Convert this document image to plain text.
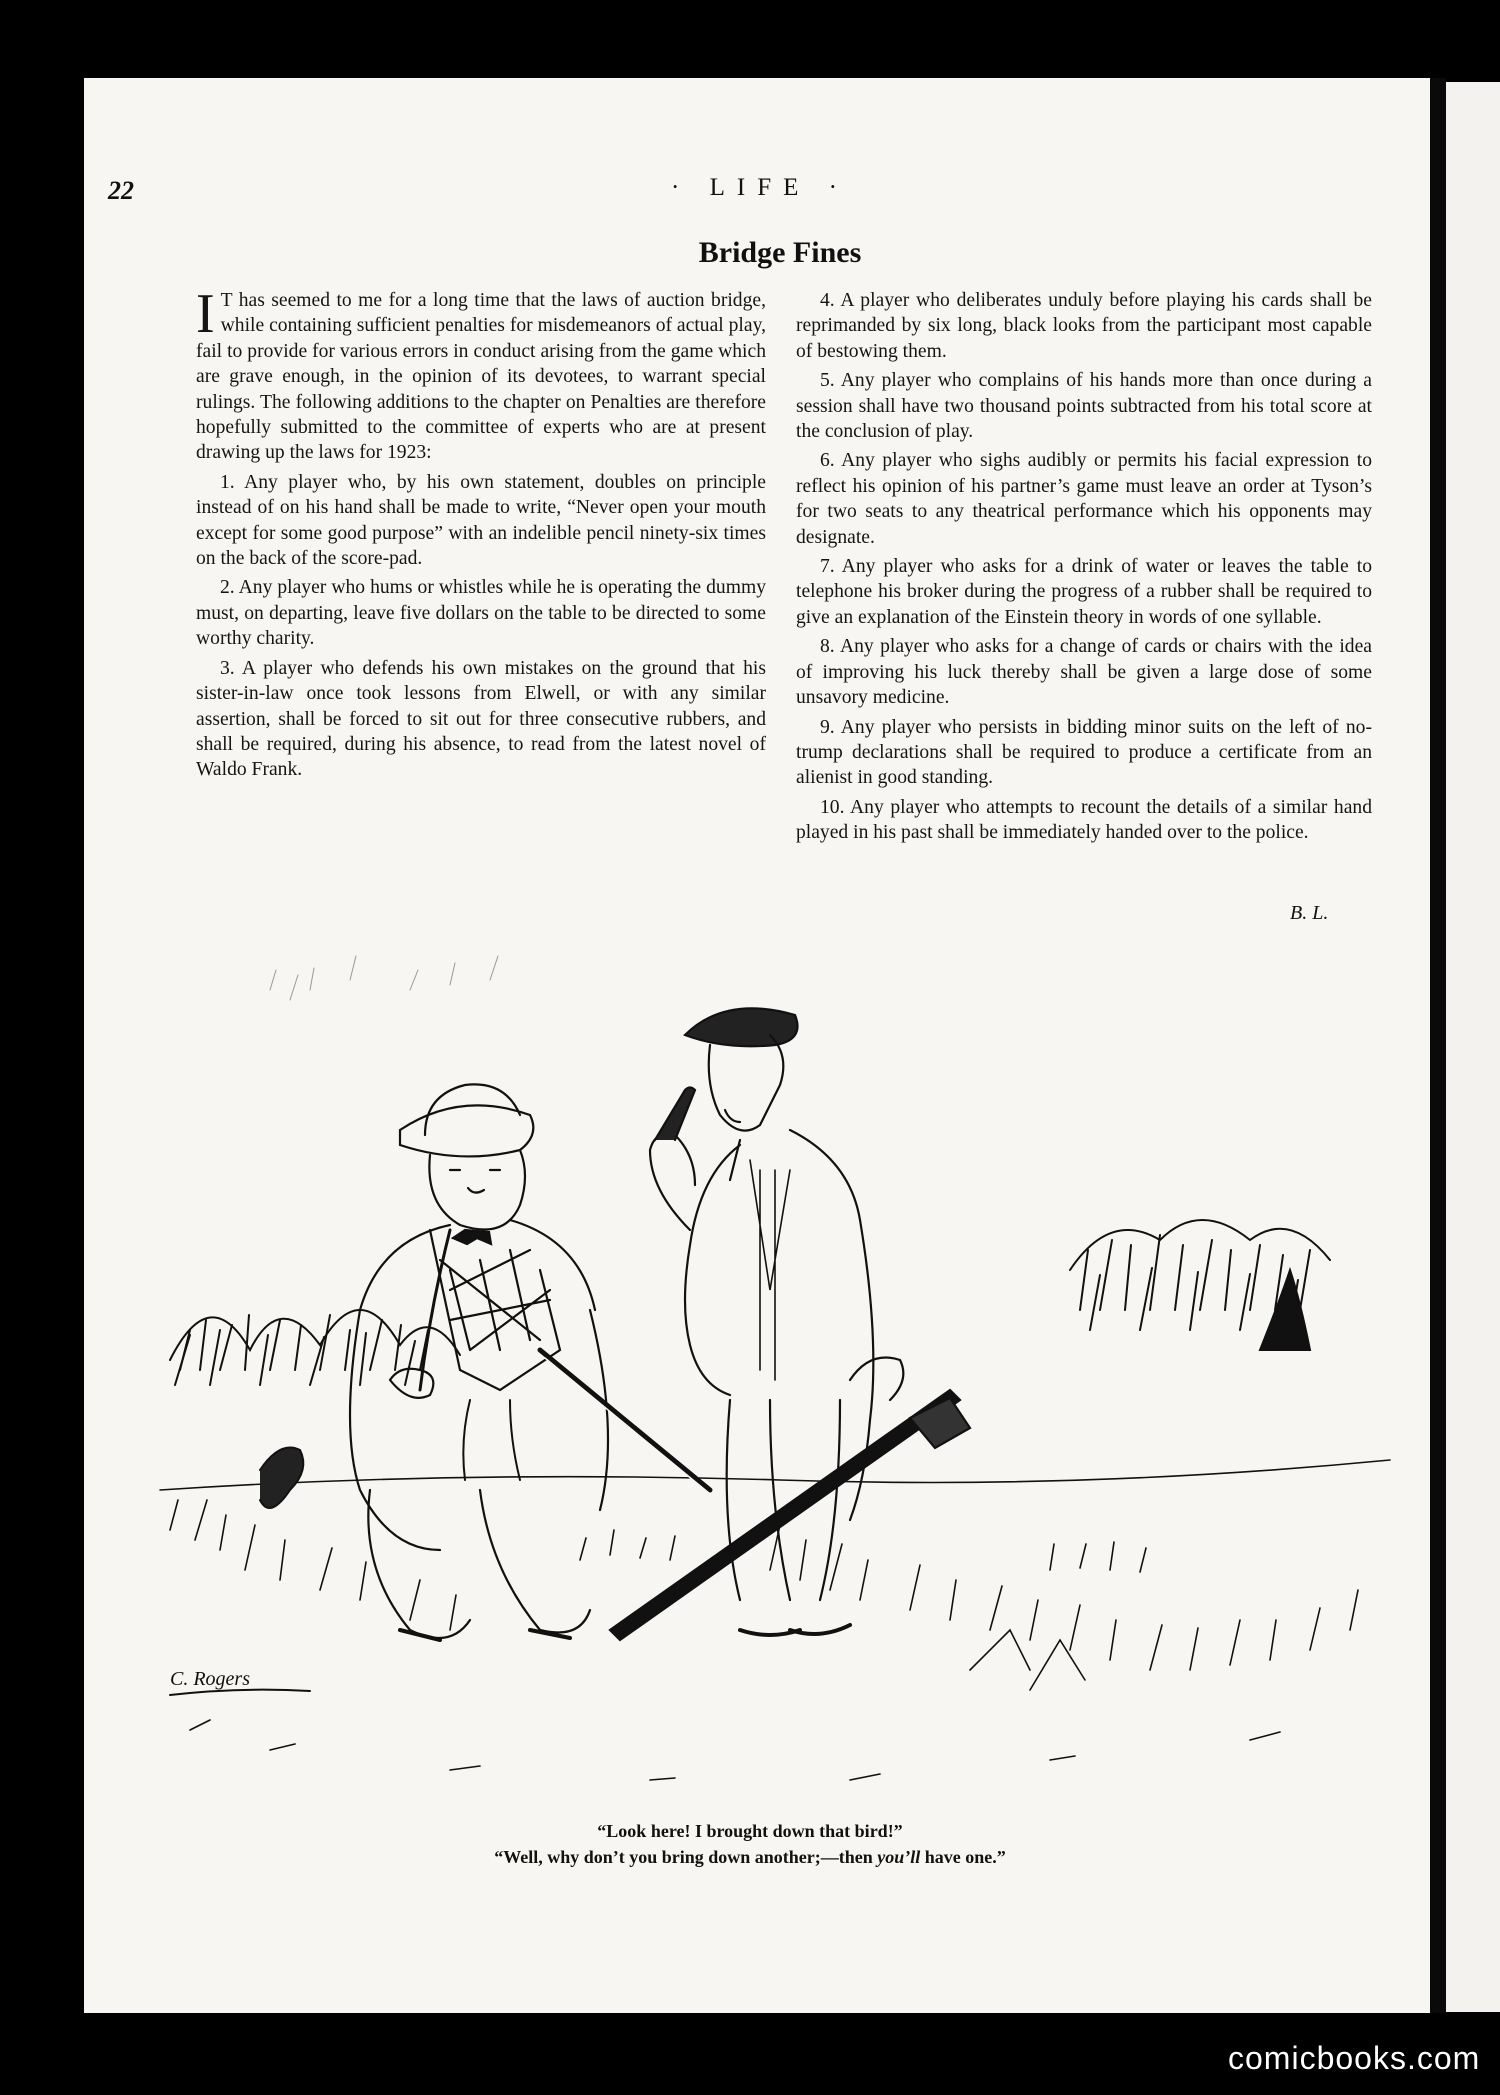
22	· LIFE ·
Bridge Fines

I T has seemed to me for a long time that the laws of auction bridge, while containing sufficient penalties for misdemeanors of actual play, fail to provide for various errors in conduct arising from the game which are grave enough, in the opinion of its devotees, to warrant special rulings. The following additions to the chapter on Penalties are therefore hopefully submitted to the committee of experts who are at present drawing up the laws for 1923:

1. Any player who, by his own statement, doubles on principle instead of on his hand shall be made to write, “Never open your mouth except for some good purpose” with an indelible pencil ninety-six times on the back of the score-pad.

2. Any player who hums or whistles while he is operating the dummy must, on departing, leave five dollars on the table to be directed to some worthy charity.

3. A player who defends his own mistakes on the ground that his sister-in-law once took lessons from Elwell, or with any similar assertion, shall be forced to sit out for three consecutive rubbers, and shall be required, during his absence, to read from the latest novel of Waldo Frank.

4. A player who deliberates unduly before playing his cards shall be reprimanded by six long, black looks from the participant most capable of bestowing them.

5. Any player who complains of his hands more than once during a session shall have two thousand points subtracted from his total score at the conclusion of play.

6. Any player who sighs audibly or permits his facial expression to reflect his opinion of his partner’s game must leave an order at Tyson’s for two seats to any theatrical performance which his opponents may designate.

7. Any player who asks for a drink of water or leaves the table to telephone his broker during the progress of a rubber shall be required to give an explanation of the Einstein theory in words of one syllable.

8. Any player who asks for a change of cards or chairs with the idea of improving his luck thereby shall be given a large dose of some unsavory medicine.

9. Any player who persists in bidding minor suits on the left of no-trump declarations shall be required to produce a certificate from an alienist in good standing.

10. Any player who attempts to recount the details of a similar hand played in his past shall be immediately handed over to the police.

B. L.
C. Rogers
“Look here! I brought down that bird!”
“Well, why don’t you bring down another;—then you’ll have one.”
comicbooks.com
